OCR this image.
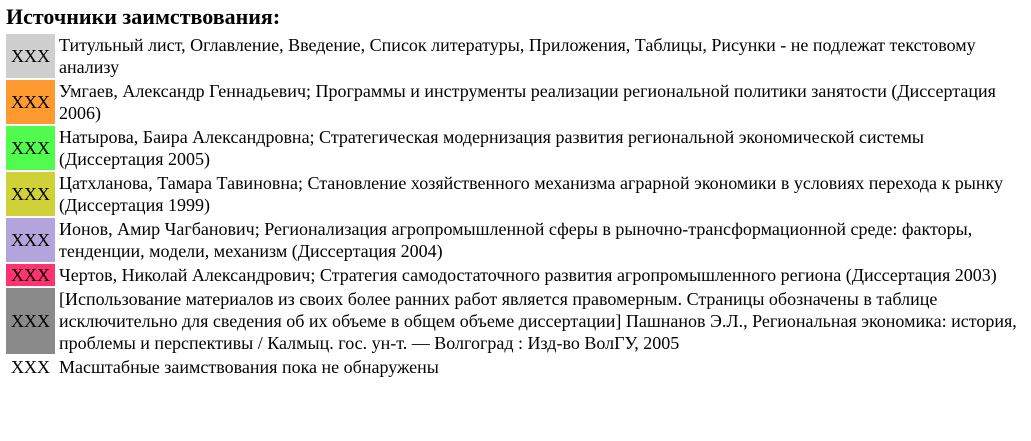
Источники заимствования:
XXX	Титульный лист, Оглавление, Введение, Список литературы, Приложения, Таблицы, Рисунки - не подлежат текстовому анализу
XXX	Умгаев, Александр Геннадьевич; Программы и инструменты реализации региональной политики занятости (Диссертация 2006)
XXX	Натырова, Баира Александровна; Стратегическая модернизация развития региональной экономической системы (Диссертация 2005)
XXX	Цатхланова, Тамара Тавиновна; Становление хозяйственного механизма аграрной экономики в условиях перехода к рынку (Диссертация 1999)
XXX	Ионов, Амир Чагбанович; Регионализация агропромышленной сферы в рыночно-трансформационной среде: факторы, тенденции, модели, механизм (Диссертация 2004)
XXX	Чертов, Николай Александрович; Стратегия самодостаточного развития агропромышленного региона (Диссертация 2003)
XXX	[Использование материалов из своих более ранних работ является правомерным. Страницы обозначены в таблице исключительно для сведения об их объеме в общем объеме диссертации] Пашнанов Э.Л., Региональная экономика: история, проблемы и перспективы / Калмыц. гос. ун-т. — Волгоград : Изд-во ВолГУ, 2005
XXX	Масштабные заимствования пока не обнаружены
